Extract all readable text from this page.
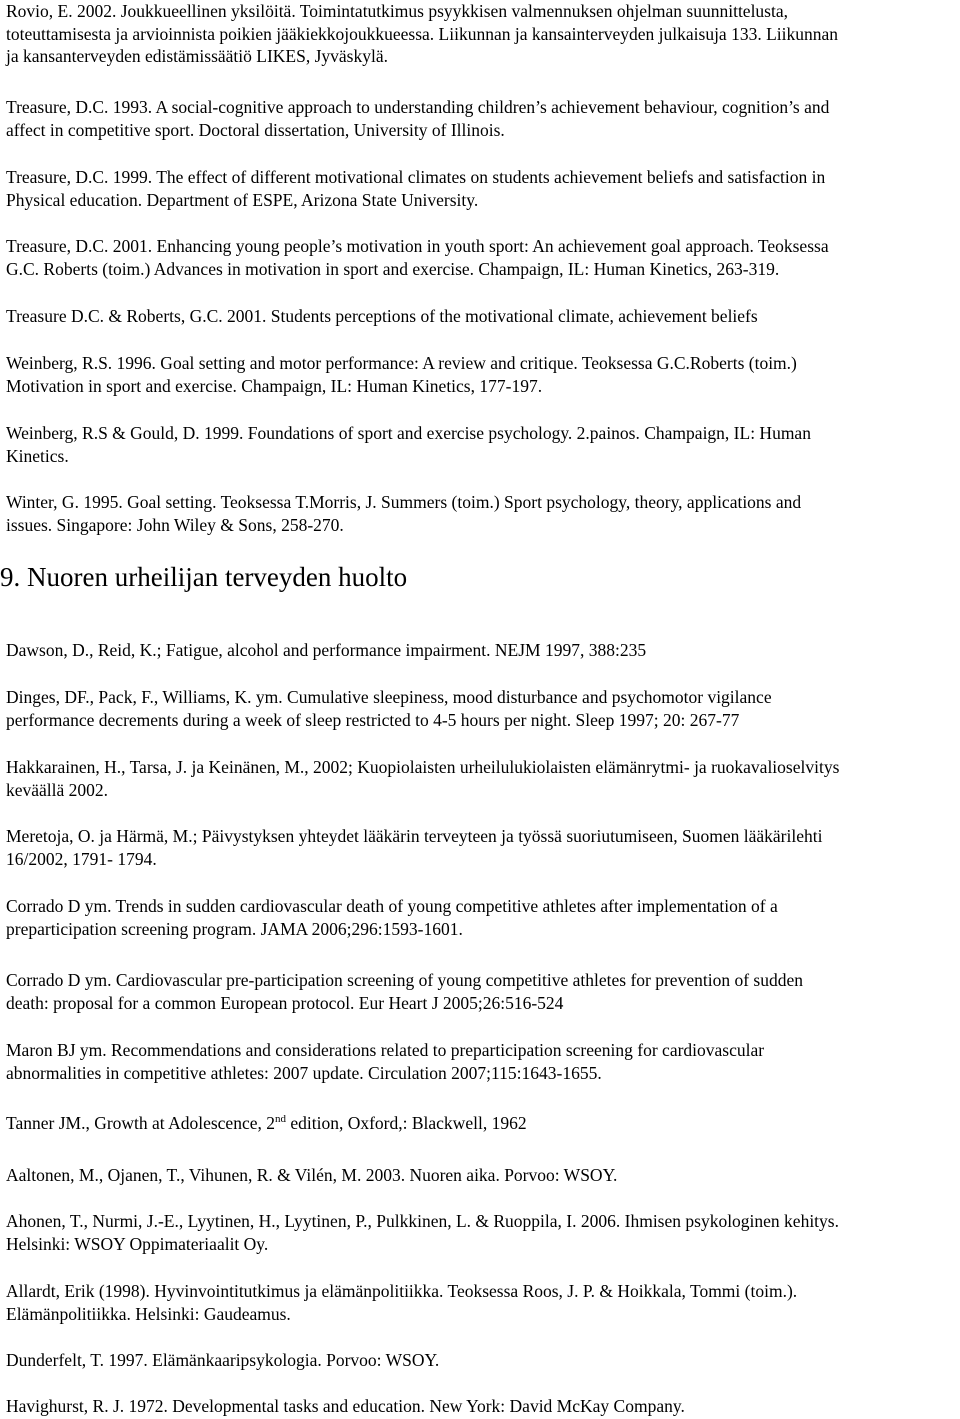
Rovio, E. 2002. Joukkueellinen yksilöitä. Toimintatutkimus psyykkisen valmennuksen ohjelman suunnittelusta,
toteuttamisesta ja arvioinnista poikien jääkiekkojoukkueessa. Liikunnan ja kansainterveyden julkaisuja 133. Liikunnan
ja kansanterveyden edistämissäätiö LIKES, Jyväskylä.

Treasure, D.C. 1993. A social-cognitive approach to understanding children’s achievement behaviour, cognition’s and
affect in competitive sport. Doctoral dissertation, University of Illinois.

Treasure, D.C. 1999. The effect of different motivational climates on students achievement beliefs and satisfaction in
Physical education. Department of ESPE, Arizona State University.

Treasure, D.C. 2001. Enhancing young people’s motivation in youth sport: An achievement goal approach. Teoksessa
G.C. Roberts (toim.) Advances in motivation in sport and exercise. Champaign, IL: Human Kinetics, 263-319.

Treasure D.C. & Roberts, G.C. 2001. Students perceptions of the motivational climate, achievement beliefs

Weinberg, R.S. 1996. Goal setting and motor performance: A review and critique. Teoksessa G.C.Roberts (toim.)
Motivation in sport and exercise. Champaign, IL: Human Kinetics, 177-197.

Weinberg, R.S & Gould, D. 1999. Foundations of sport and exercise psychology. 2.painos. Champaign, IL: Human
Kinetics.

Winter, G. 1995. Goal setting. Teoksessa T.Morris, J. Summers (toim.) Sport psychology, theory, applications and
issues. Singapore: John Wiley & Sons, 258-270.

9. Nuoren urheilijan terveyden huolto

Dawson, D., Reid, K.; Fatigue, alcohol and performance impairment. NEJM 1997, 388:235

Dinges, DF., Pack, F., Williams, K. ym. Cumulative sleepiness, mood disturbance and psychomotor vigilance
performance decrements during a week of sleep restricted to 4-5 hours per night. Sleep 1997; 20: 267-77

Hakkarainen, H., Tarsa, J. ja Keinänen, M., 2002; Kuopiolaisten urheilulukiolaisten elämänrytmi- ja ruokavalioselvitys
keväällä 2002.

Meretoja, O. ja Härmä, M.; Päivystyksen yhteydet lääkärin terveyteen ja työssä suoriutumiseen, Suomen lääkärilehti
16/2002, 1791- 1794.

Corrado D ym. Trends in sudden cardiovascular death of young competitive athletes after implementation of a
preparticipation screening program. JAMA 2006;296:1593-1601.

Corrado D ym. Cardiovascular pre-participation screening of young competitive athletes for prevention of sudden
death: proposal for a common European protocol. Eur Heart J 2005;26:516-524

Maron BJ ym. Recommendations and considerations related to preparticipation screening for cardiovascular
abnormalities in competitive athletes: 2007 update. Circulation 2007;115:1643-1655.

Tanner JM., Growth at Adolescence, 2nd edition, Oxford,: Blackwell, 1962

Aaltonen, M., Ojanen, T., Vihunen, R. & Vilén, M. 2003. Nuoren aika. Porvoo: WSOY.

Ahonen, T., Nurmi, J.-E., Lyytinen, H., Lyytinen, P., Pulkkinen, L. & Ruoppila, I. 2006. Ihmisen psykologinen kehitys.
Helsinki: WSOY Oppimateriaalit Oy.

Allardt, Erik (1998). Hyvinvointitutkimus ja elämänpolitiikka. Teoksessa Roos, J. P. & Hoikkala, Tommi (toim.).
Elämänpolitiikka. Helsinki: Gaudeamus.

Dunderfelt, T. 1997. Elämänkaaripsykologia. Porvoo: WSOY.

Havighurst, R. J. 1972. Developmental tasks and education. New York: David McKay Company.
